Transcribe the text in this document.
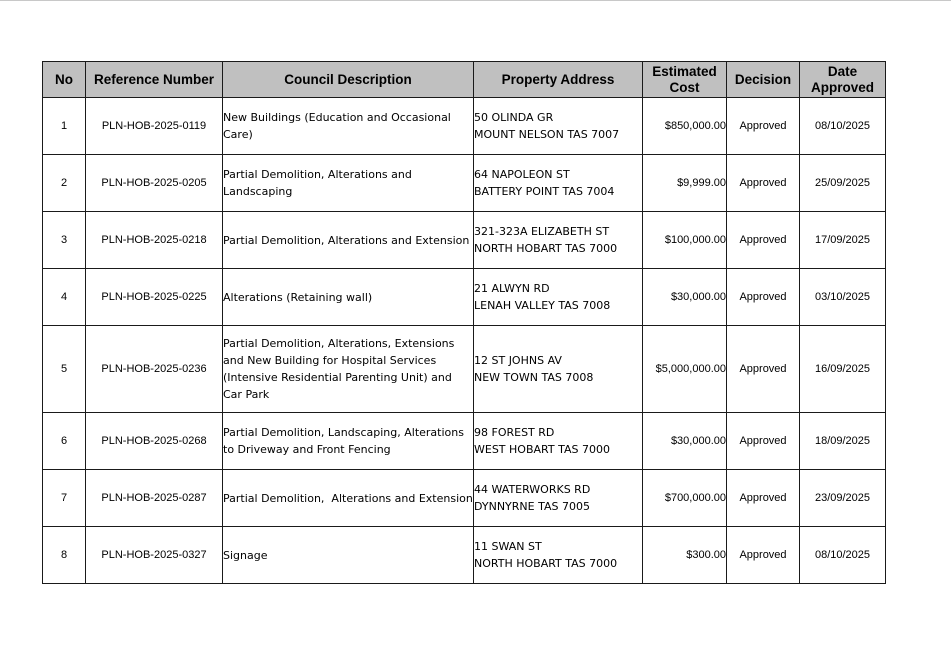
No	Reference Number	Council Description	Property Address	Estimated
Cost	Decision	Date
Approved

1	PLN-HOB-2025-0119	New Buildings (Education and Occasional Care)	50 OLINDA GR
MOUNT NELSON TAS 7007	$850,000.00	Approved	08/10/2025
2	PLN-HOB-2025-0205	Partial Demolition, Alterations and Landscaping	64 NAPOLEON ST
BATTERY POINT TAS 7004	$9,999.00	Approved	25/09/2025
3	PLN-HOB-2025-0218	Partial Demolition, Alterations and Extension	321-323A ELIZABETH ST
NORTH HOBART TAS 7000	$100,000.00	Approved	17/09/2025
4	PLN-HOB-2025-0225	Alterations (Retaining wall)	21 ALWYN RD
LENAH VALLEY TAS 7008	$30,000.00	Approved	03/10/2025
5	PLN-HOB-2025-0236	Partial Demolition, Alterations, Extensions and New Building for Hospital Services (Intensive Residential Parenting Unit) and Car Park	12 ST JOHNS AV
NEW TOWN TAS 7008	$5,000,000.00	Approved	16/09/2025
6	PLN-HOB-2025-0268	Partial Demolition, Landscaping, Alterations to Driveway and Front Fencing	98 FOREST RD
WEST HOBART TAS 7000	$30,000.00	Approved	18/09/2025
7	PLN-HOB-2025-0287	Partial Demolition,  Alterations and Extension	44 WATERWORKS RD
DYNNYRNE TAS 7005	$700,000.00	Approved	23/09/2025
8	PLN-HOB-2025-0327	Signage	11 SWAN ST
NORTH HOBART TAS 7000	$300.00	Approved	08/10/2025
